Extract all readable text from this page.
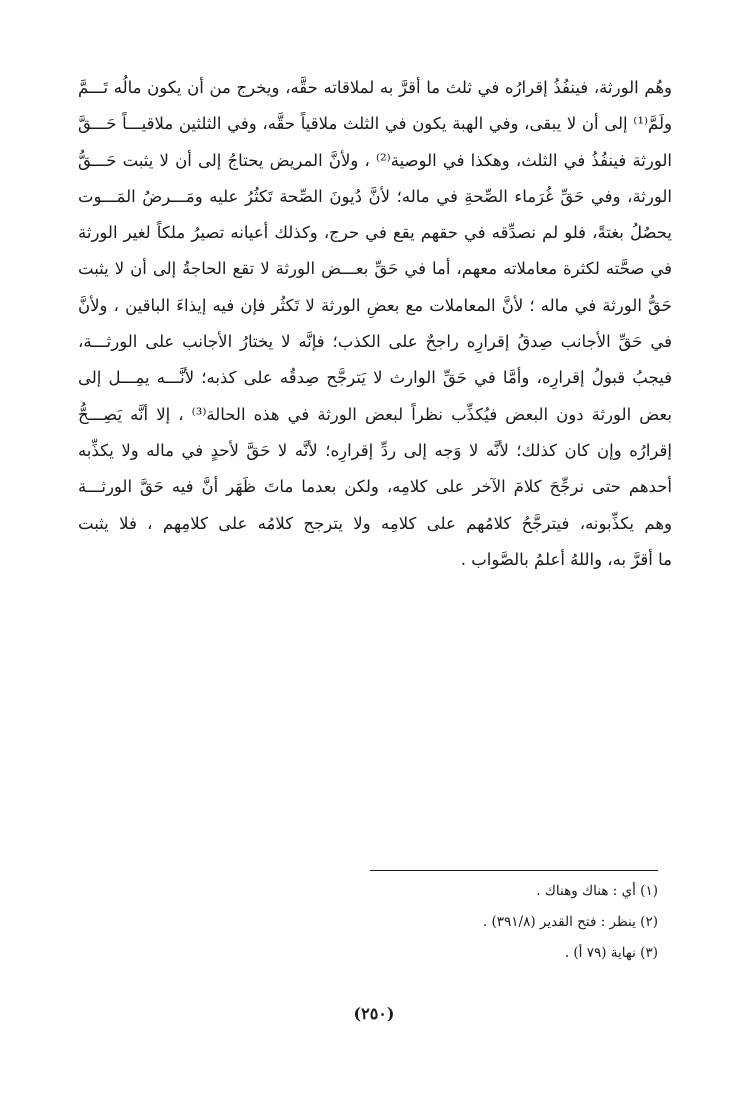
وهُم الورثة، فينفُذُ إقرارُه في ثلث ما أقرَّ به لملاقاته حقَّه، ويخرج من أن يكون مالُه تَـــمَّ
ولَمَّ⁽¹⁾ إلى أن لا يبقى، وفي الهبة يكون في الثلث ملاقياً حقَّه، وفي الثلثين ملاقيـــاً حَـــقَّ
الورثة فينفُذُ في الثلث، وهكذا في الوصية⁽²⁾ ، ولأنَّ المريض يحتاجُ إلى أن لا يثبت حَـــقُّ
الورثة، وفي حَقِّ غُرَماء الصِّحةِ في ماله؛ لأنَّ دُيونَ الصِّحة تَكثُرُ عليه ومَـــرضُ المَـــوت
يحصُلُ بغتةً، فلو لم نصدِّقه في حقهم يقع في حرج، وكذلك أعيانه تصيرُ ملكاً لغير الورثة
في صحَّته لكثرة معاملاته معهم، أما في حَقِّ بعـــض الورثة لا تقع الحاجةُ إلى أن لا يثبت
حَقُّ الورثة في ماله ؛ لأنَّ المعاملات مع بعضِ الورثة لا تَكثُر فإن فيه إيذاءَ الباقين ، ولأنَّ
في حَقِّ الأجانب صِدقُ إقرارِه راجحٌ على الكذب؛ فإنَّه لا يختارُ الأجانب على الورثـــة،
فيجبُ قبولُ إقرارِه، وأمَّا في حَقِّ الوارث لا يَترجَّح صِدقُه على كذبه؛ لأنَّـــه يمِـــل إلى
بعض الورثة دون البعض فيُكذِّب نظراً لبعض الورثة في هذه الحالة⁽³⁾ ، إلا أنَّه يَصِـــحُّ
إقرارُه وإن كان كذلك؛ لأنَّه لا وَجه إلى ردِّ إقرارِه؛ لأنَّه لا حَقَّ لأحدٍ في ماله ولا يكذِّبه
أحدهم حتى نرجِّحَ كلامَ الآخر على كلامِه، ولكن بعدما ماتَ ظَهَر أنَّ فيه حَقَّ الورثـــة
وهم يكذِّبونه، فيترجَّحُ كلامُهم على كلامِه ولا يترجح كلامُه على كلامِهم ، فلا يثبت
ما أقرَّ به، واللهُ أعلمُ بالصَّواب .
(١) أي : هناك وهناك .
(٢) ينظر : فتح القدير (٣٩١/٨) .
(٣) نهاية (٧٩ أ) .
(٢٥٠)
